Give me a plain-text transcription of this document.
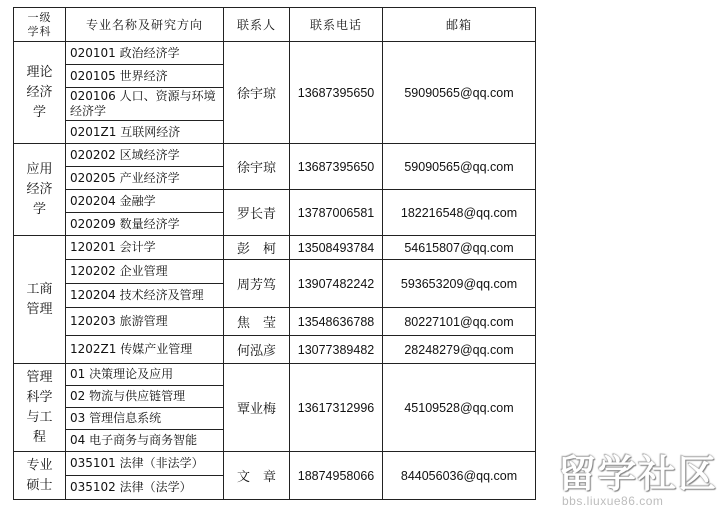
一级学科	专业名称及研究方向	联系人	联系电话	邮箱
理论经济学	020101 政治经济学	徐宇琼	13687395650	59090565@qq.com
	020105 世界经济			
	020106 人口、资源与环境经济学			
	0201Z1 互联网经济			
应用经济学	020202 区域经济学	徐宇琼	13687395650	59090565@qq.com
	020205 产业经济学			
	020204 金融学	罗长青	13787006581	182216548@qq.com
	020209 数量经济学			
工商管理	120201 会计学	彭　柯	13508493784	54615807@qq.com
	120202 企业管理	周芳笃	13907482242	593653209@qq.com
	120204 技术经济及管理			
	120203 旅游管理	焦　莹	13548636788	80227101@qq.com
	1202Z1 传媒产业管理	何泓彦	13077389482	28248279@qq.com
管理科学与工程	01 决策理论及应用	覃业梅	13617312996	45109528@qq.com
	02 物流与供应链管理			
	03 管理信息系统			
	04 电子商务与商务智能			
专业硕士	035101 法律（非法学）	文　章	18874958066	844056036@qq.com
	035102 法律（法学）				留学社区
bbs.liuxue86.com
